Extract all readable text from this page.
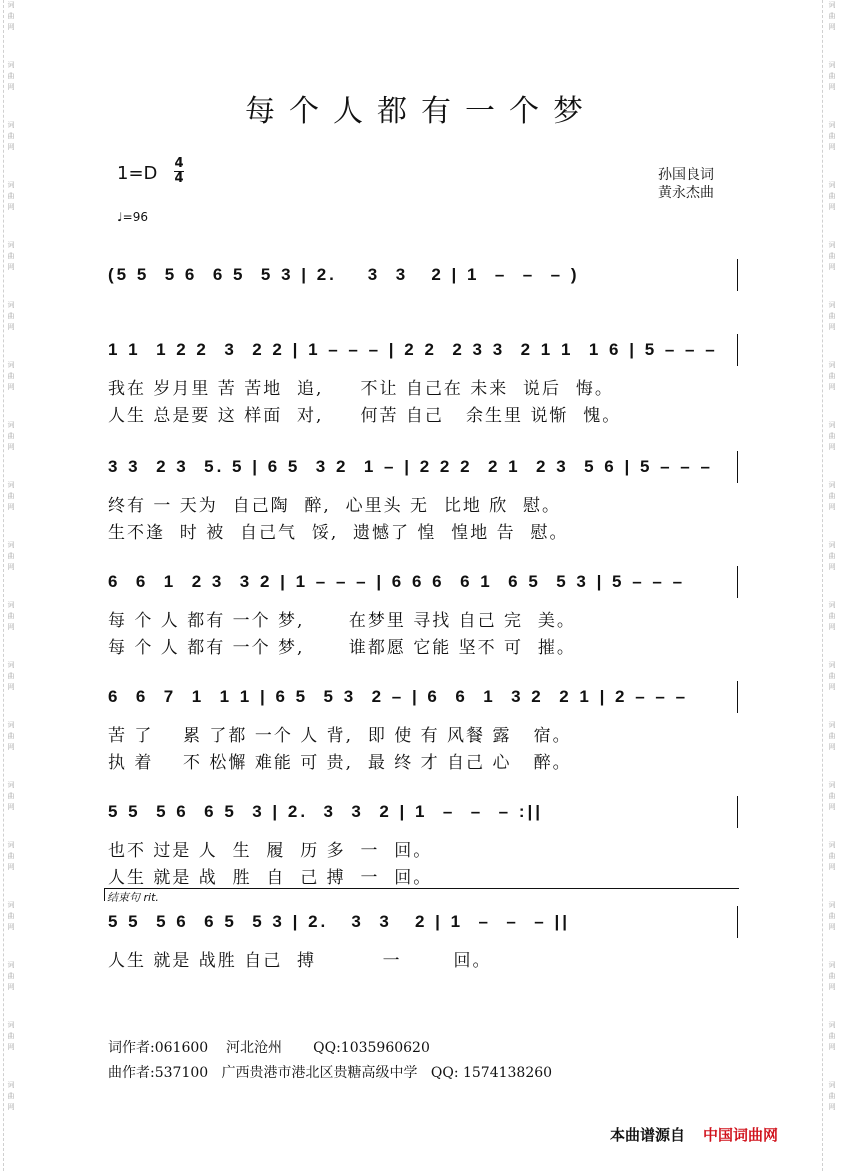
词
曲
网
词
曲
网
词
曲
网
词
曲
网
词
曲
网
词
曲
网
词
曲
网
词
曲
网
词
曲
网
词
曲
网
词
曲
网
词
曲
网
词
曲
网
词
曲
网
词
曲
网
词
曲
网
词
曲
网
词
曲
网
词
曲
网
词
曲
网
词
曲
网
词
曲
网
词
曲
网
词
曲
网
词
曲
网
词
曲
网
词
曲
网
词
曲
网
词
曲
网
词
曲
网
词
曲
网
词
曲
网
词
曲
网
词
曲
网
词
曲
网
词
曲
网
词
曲
网
词
曲
网
每个人都有一个梦
1=D 4
4
♩=96
孙国良词
黄永杰曲
(5 5  5 6  6 5  5 3 | 2.    3  3   2 | 1  –  –  – )
1 1  1 2 2  3  2 2 | 1 – – – | 2 2  2 3 3  2 1 1  1 6 | 5 – – –
我在 岁月里 苦 苦地  追,     不让 自己在 未来  说后  悔。
人生 总是要 这 样面  对,     何苦 自己   余生里 说惭  愧。
3 3  2 3  5. 5 | 6 5  3 2  1 – | 2 2 2  2 1  2 3  5 6 | 5 – – –
终有 一 天为  自己陶  醉,  心里头 无  比地 欣  慰。
生不逢  时 被  自己气  馁,  遗憾了 惶  惶地 告  慰。
6  6  1  2 3  3 2 | 1 – – – | 6 6 6  6 1  6 5  5 3 | 5 – – –
每 个 人 都有 一个 梦,      在梦里 寻找 自己 完  美。
每 个 人 都有 一个 梦,      谁都愿 它能 坚不 可  摧。
6  6  7  1  1 1 | 6 5  5 3  2 – | 6  6  1  3 2  2 1 | 2 – – –
苦 了    累 了都 一个 人 背,  即 使 有 风餐 露   宿。
执 着    不 松懈 难能 可 贵,  最 终 才 自己 心   醉。
5 5  5 6  6 5  3 | 2.  3  3  2 | 1  –  –  – :||
也不 过是 人  生  履  历 多  一  回。
人生 就是 战  胜  自  己 搏  一  回。
结束句 rit.
5 5  5 6  6 5  5 3 | 2.   3  3   2 | 1  –  –  – ||
人生 就是 战胜 自己  搏         一       回。
词作者:061600    河北沧州       QQ:1035960620
曲作者:537100   广西贵港市港北区贵糖高级中学   QQ: 1574138260
本曲谱源自 中国词曲网
